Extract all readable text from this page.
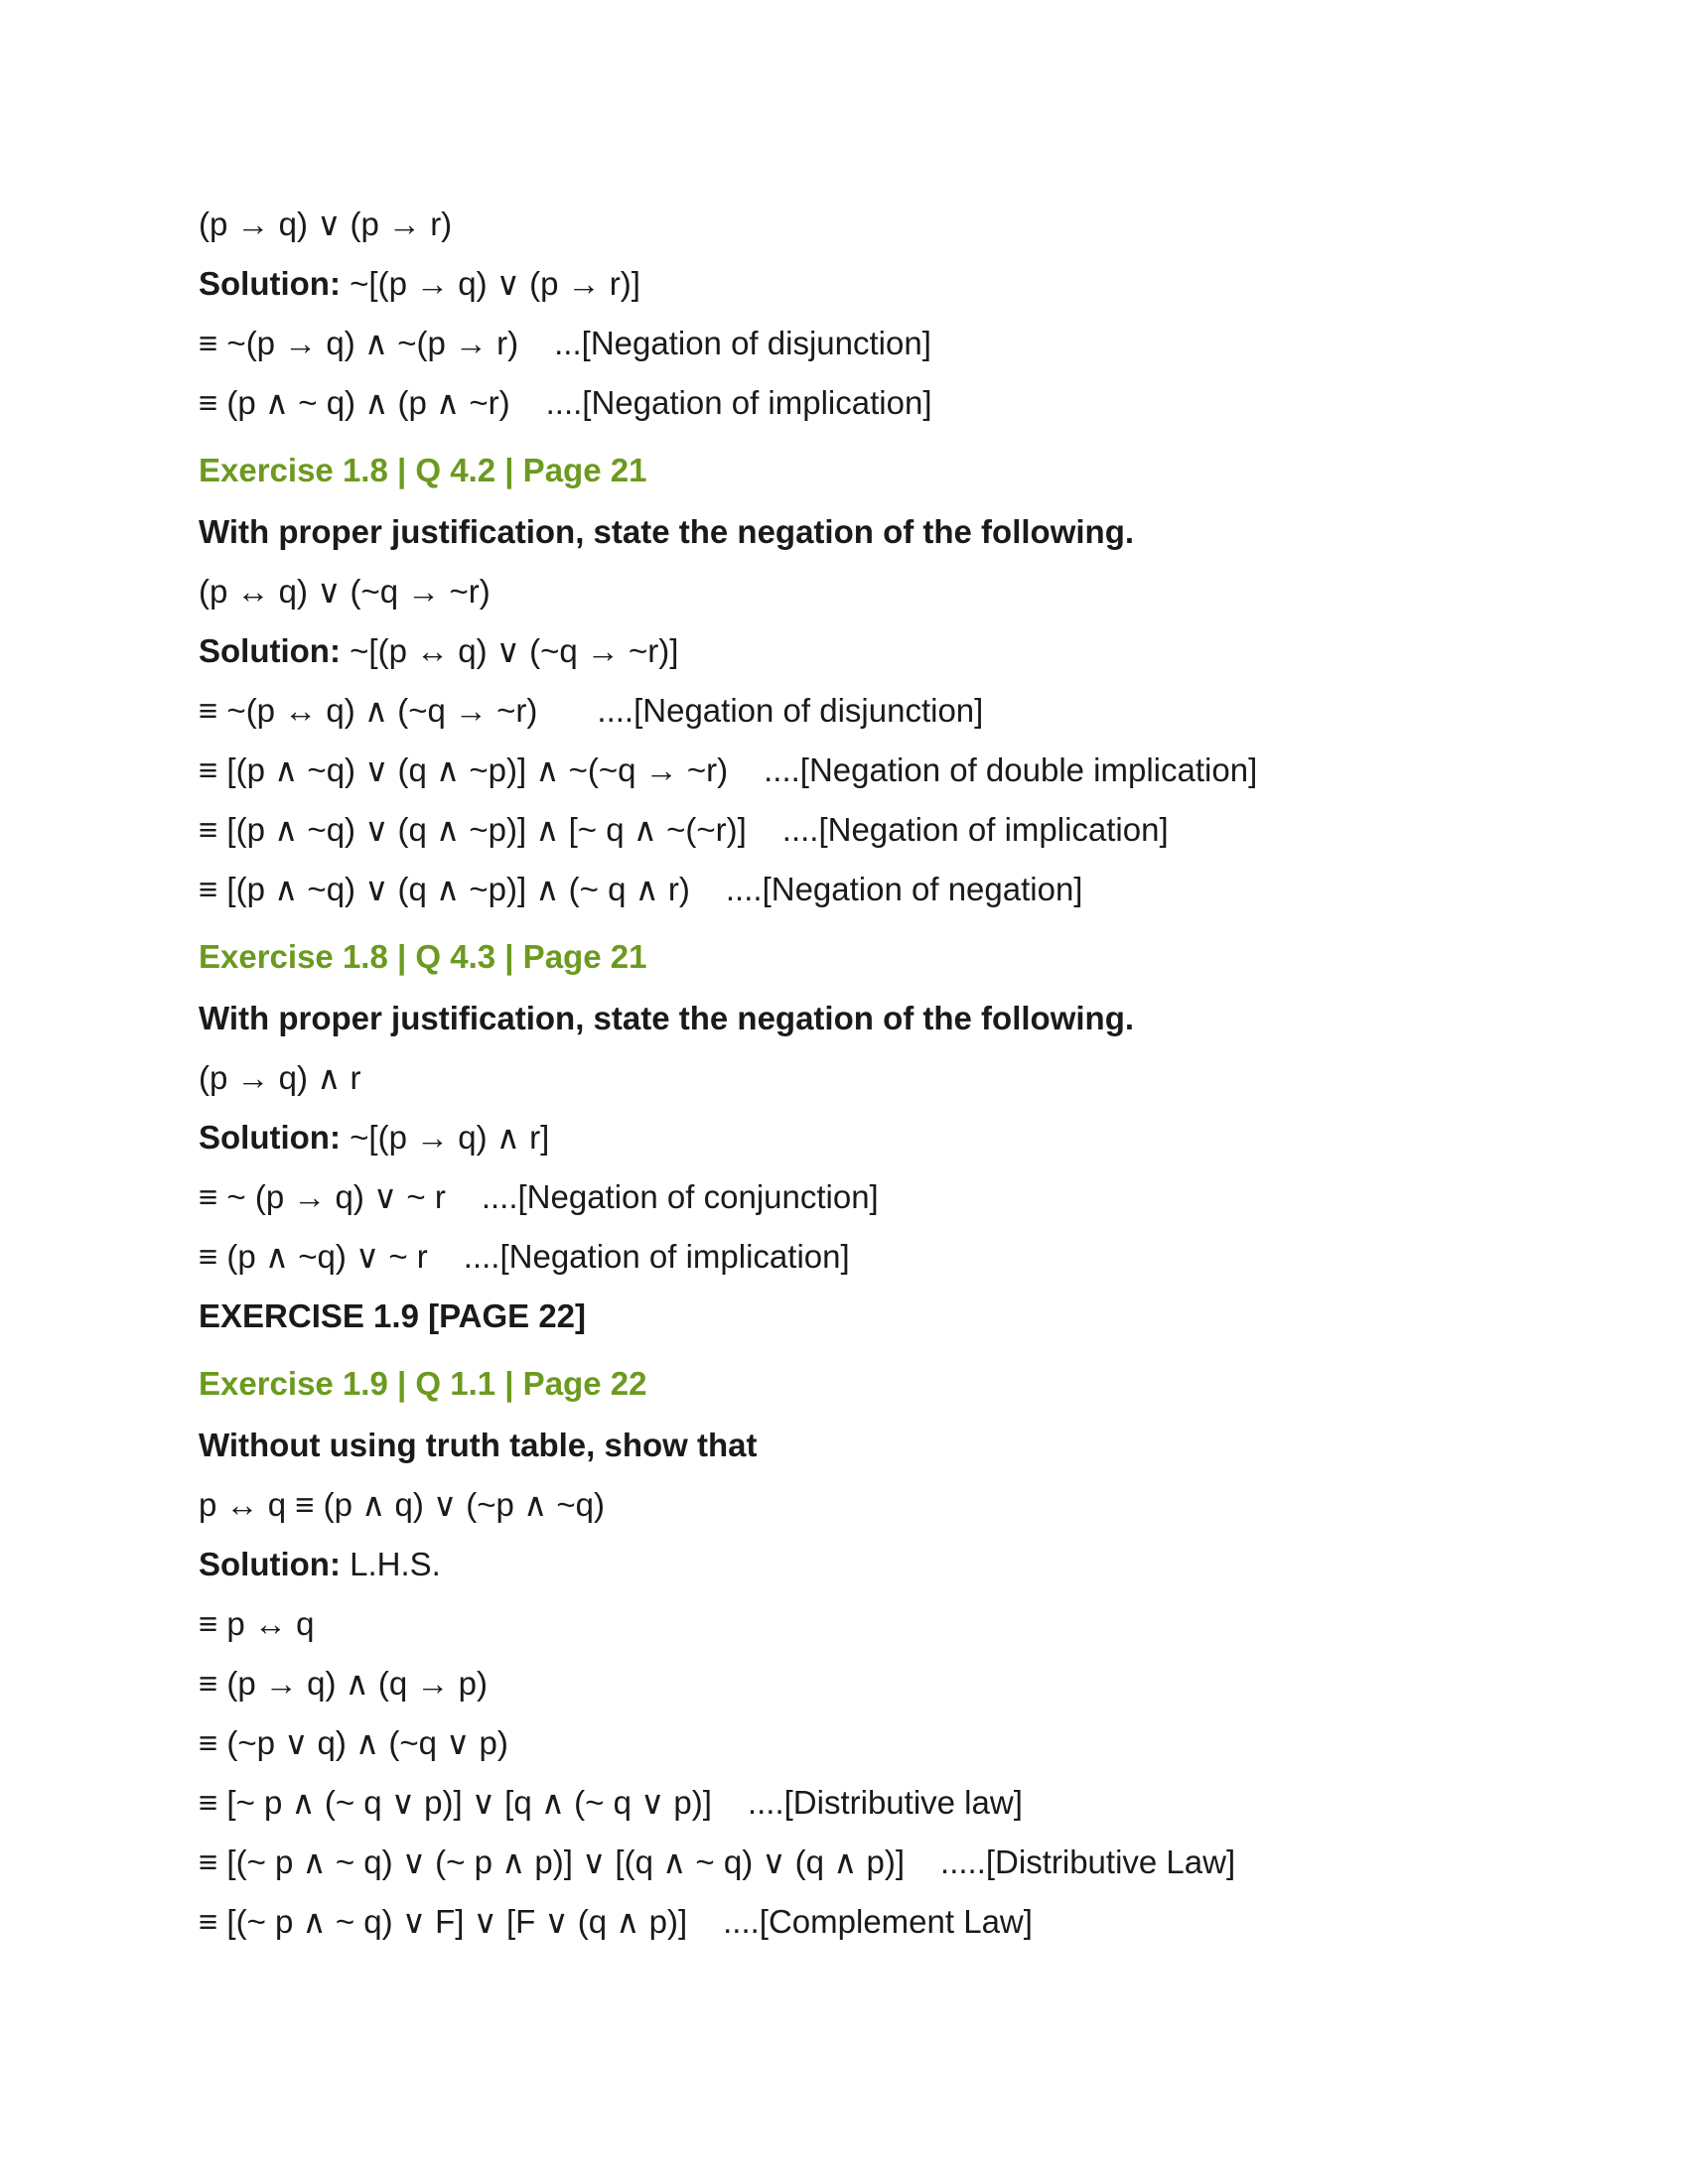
(p → q) ∨ (p → r)
Solution: ~[(p → q) ∨ (p → r)]
≡ ~(p → q) ∧ ~(p → r) ...[Negation of disjunction]
≡ (p ∧ ~ q) ∧ (p ∧ ~r) ....[Negation of implication]
Exercise 1.8 | Q 4.2 | Page 21
With proper justification, state the negation of the following.
(p ↔ q) ∨ (~q → ~r)
Solution: ~[(p ↔ q) ∨ (~q → ~r)]
≡ ~(p ↔ q) ∧ (~q → ~r) ....[Negation of disjunction]
≡ [(p ∧ ~q) ∨ (q ∧ ~p)] ∧ ~(~q → ~r) ....[Negation of double implication]
≡ [(p ∧ ~q) ∨ (q ∧ ~p)] ∧ [~ q ∧ ~(~r)] ....[Negation of implication]
≡ [(p ∧ ~q) ∨ (q ∧ ~p)] ∧ (~ q ∧ r) ....[Negation of negation]
Exercise 1.8 | Q 4.3 | Page 21
With proper justification, state the negation of the following.
(p → q) ∧ r
Solution: ~[(p → q) ∧ r]
≡ ~ (p → q) ∨ ~ r ....[Negation of conjunction]
≡ (p ∧ ~q) ∨ ~ r ....[Negation of implication]
EXERCISE 1.9 [PAGE 22]
Exercise 1.9 | Q 1.1 | Page 22
Without using truth table, show that
p ↔ q ≡ (p ∧ q) ∨ (~p ∧ ~q)
Solution: L.H.S.
≡ p ↔ q
≡ (p → q) ∧ (q → p)
≡ (~p ∨ q) ∧ (~q ∨ p)
≡ [~ p ∧ (~ q ∨ p)] ∨ [q ∧ (~ q ∨ p)] ....[Distributive law]
≡ [(~ p ∧ ~ q) ∨ (~ p ∧ p)] ∨ [(q ∧ ~ q) ∨ (q ∧ p)] .....[Distributive Law]
≡ [(~ p ∧ ~ q) ∨ F] ∨ [F ∨ (q ∧ p)] ....[Complement Law]
